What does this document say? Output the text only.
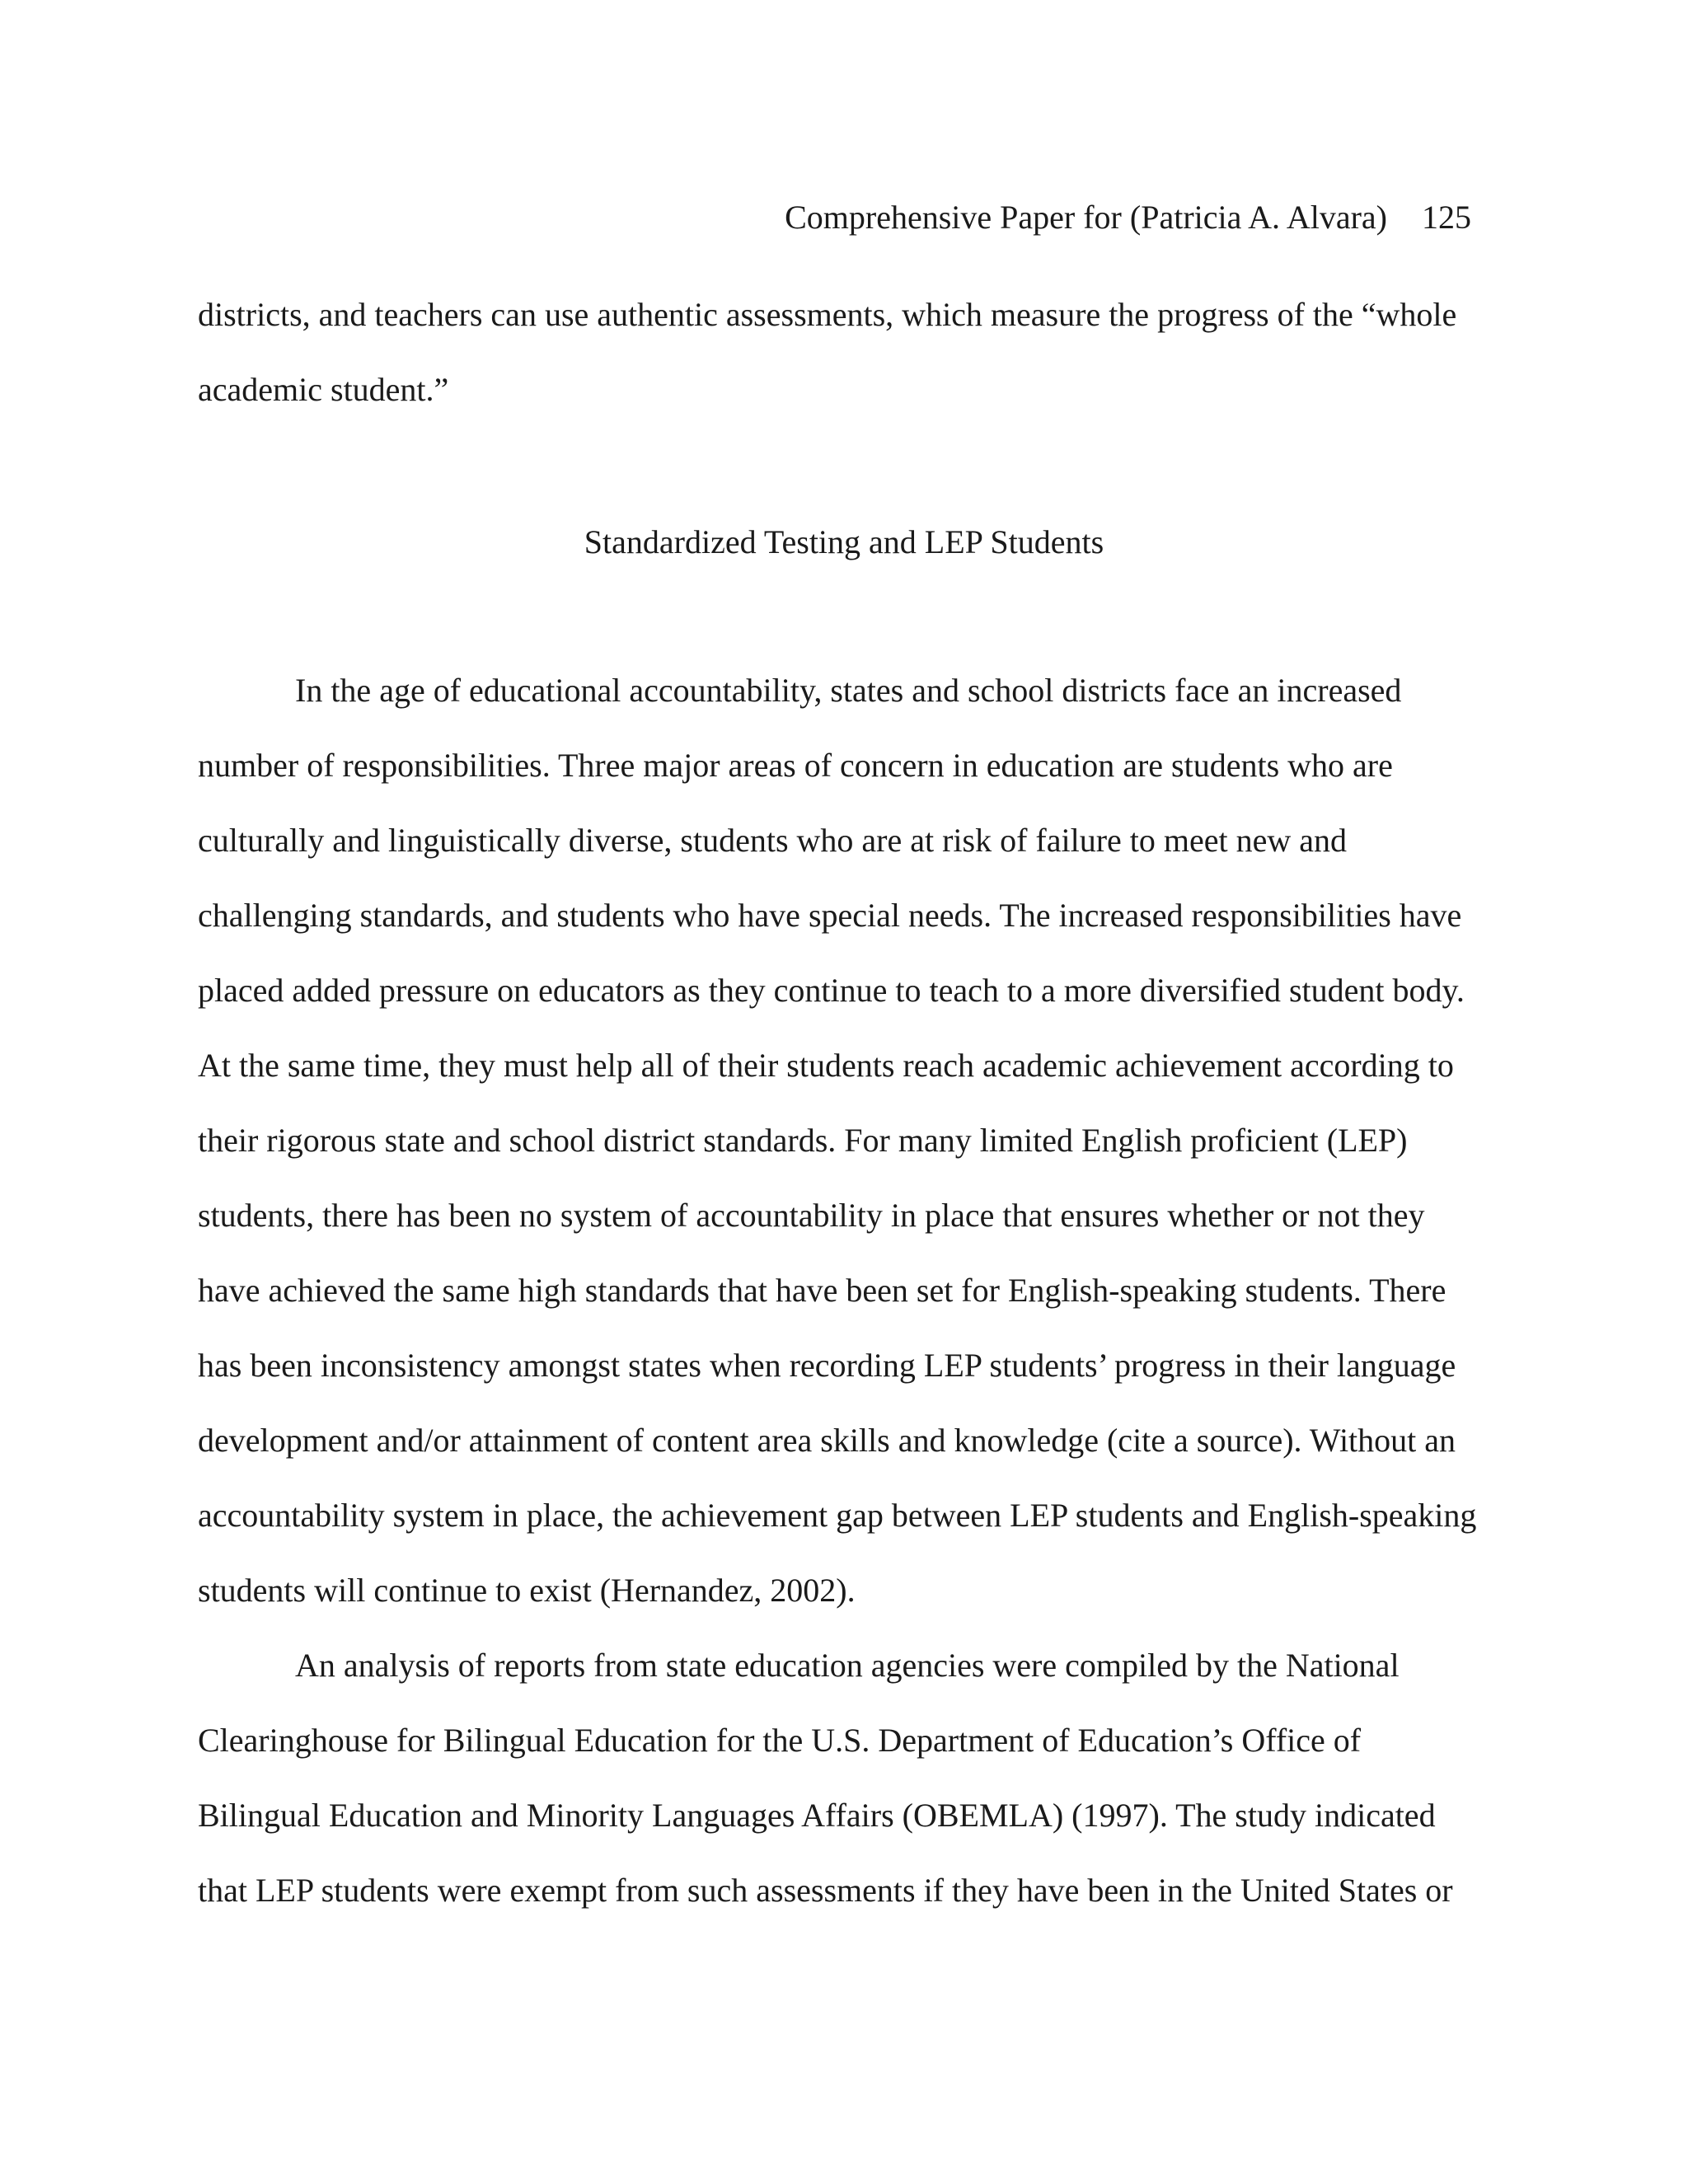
Comprehensive Paper for (Patricia A. Alvara) 125
districts, and teachers can use authentic assessments, which measure the progress of the “whole
academic student.”
Standardized Testing and LEP Students
In the age of educational accountability, states and school districts face an increased
number of responsibilities. Three major areas of concern in education are students who are
culturally and linguistically diverse, students who are at risk of failure to meet new and
challenging standards, and students who have special needs. The increased responsibilities have
placed added pressure on educators as they continue to teach to a more diversified student body.
At the same time, they must help all of their students reach academic achievement according to
their rigorous state and school district standards. For many limited English proficient (LEP)
students, there has been no system of accountability in place that ensures whether or not they
have achieved the same high standards that have been set for English-speaking students. There
has been inconsistency amongst states when recording LEP students’ progress in their language
development and/or attainment of content area skills and knowledge (cite a source). Without an
accountability system in place, the achievement gap between LEP students and English-speaking
students will continue to exist (Hernandez, 2002).
An analysis of reports from state education agencies were compiled by the National
Clearinghouse for Bilingual Education for the U.S. Department of Education’s Office of
Bilingual Education and Minority Languages Affairs (OBEMLA) (1997). The study indicated
that LEP students were exempt from such assessments if they have been in the United States or
